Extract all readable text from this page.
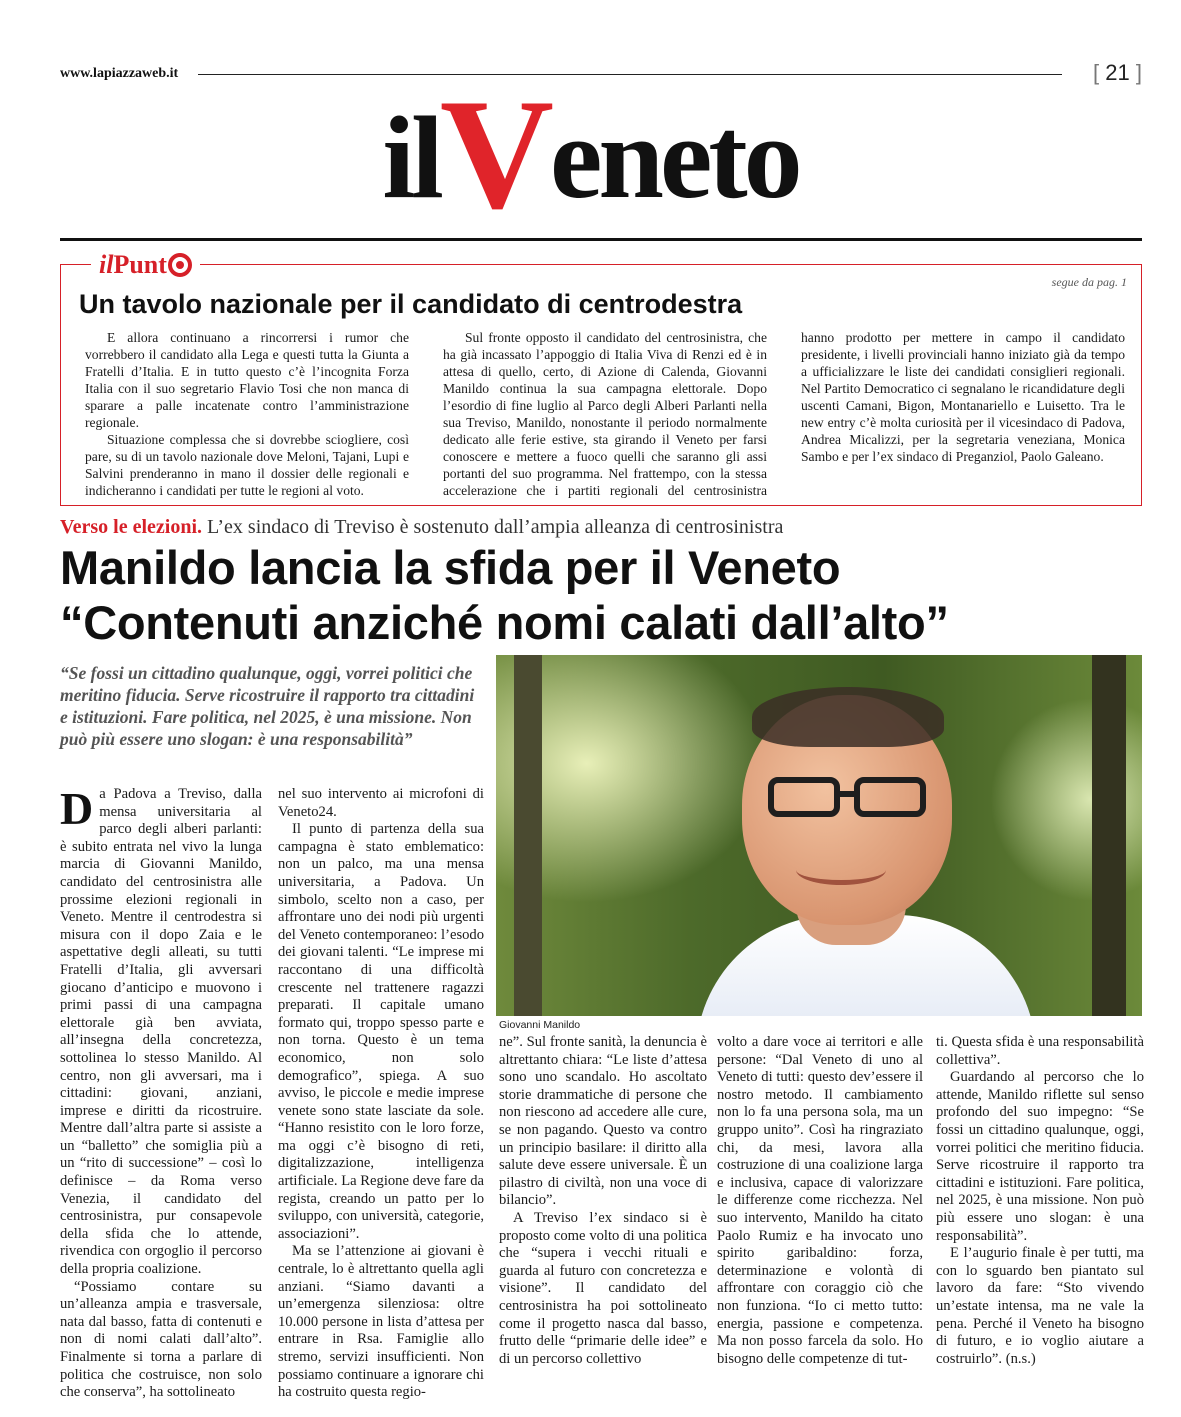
www.lapiazzaweb.it	[ 21 ]
ilVeneto
il Punt
segue da pag. 1
Un tavolo nazionale per il candidato di centrodestra

E allora continuano a rincorrersi i rumor che vorrebbero il candidato alla Lega e questi tutta la Giunta a Fratelli d’Italia. E in tutto questo c’è l’incognita Forza Italia con il suo segretario Flavio Tosi che non manca di sparare a palle incatenate contro l’amministrazione regionale.

Situazione complessa che si dovrebbe sciogliere, così pare, su di un tavolo nazionale dove Meloni, Tajani, Lupi e Salvini prenderanno in mano il dossier delle regionali e indicheranno i candidati per tutte le regioni al voto.

Sul fronte opposto il candidato del centrosinistra, che ha già incassato l’appoggio di Italia Viva di Renzi ed è in attesa di quello, certo, di Azione di Calenda, Giovanni Manildo continua la sua campagna elettorale. Dopo l’esordio di fine luglio al Parco degli Alberi Parlanti nella sua Treviso, Manildo, nonostante il periodo normalmente dedicato alle ferie estive, sta girando il Veneto per farsi conoscere e mettere a fuoco quelli che saranno gli assi portanti del suo programma. Nel frattempo, con la stessa accelerazione che i partiti regionali del centrosinistra hanno prodotto per mettere in campo il candidato presidente, i livelli provinciali hanno iniziato già da tempo a ufficializzare le liste dei candidati consiglieri regionali. Nel Partito Democratico ci segnalano le ricandidature degli uscenti Camani, Bigon, Montanariello e Luisetto. Tra le new entry c’è molta curiosità per il vicesindaco di Padova, Andrea Micalizzi, per la segretaria veneziana, Monica Sambo e per l’ex sindaco di Preganziol, Paolo Galeano.

Verso le elezioni. L’ex sindaco di Treviso è sostenuto dall’ampia alleanza di centrosinistra
Manildo lancia la sfida per il Veneto
“Contenuti anziché nomi calati dall’alto”
“Se fossi un cittadino qualunque, oggi, vorrei politici che meritino fiducia. Serve ricostruire il rapporto tra cittadini e istituzioni. Fare politica, nel 2025, è una missione. Non può più essere uno slogan: è una responsabilità”
Giovanni Manildo

Da Padova a Treviso, dalla mensa universitaria al parco degli alberi parlanti: è subito entrata nel vivo la lunga marcia di Giovanni Manildo, candidato del centrosinistra alle prossime elezioni regionali in Veneto. Mentre il centrodestra si misura con il dopo Zaia e le aspettative degli alleati, su tutti Fratelli d’Italia, gli avversari giocano d’anticipo e muovono i primi passi di una campagna elettorale già ben avviata, all’insegna della concretezza, sottolinea lo stesso Manildo. Al centro, non gli avversari, ma i cittadini: giovani, anziani, imprese e diritti da ricostruire. Mentre dall’altra parte si assiste a un “balletto” che somiglia più a un “rito di successione” – così lo definisce – da Roma verso Venezia, il candidato del centrosinistra, pur consapevole della sfida che lo attende, rivendica con orgoglio il percorso della propria coalizione.

“Possiamo contare su un’alleanza ampia e trasversale, nata dal basso, fatta di contenuti e non di nomi calati dall’alto”. Finalmente si torna a parlare di politica che costruisce, non solo che conserva”, ha sottolineato

nel suo intervento ai microfoni di Veneto24.

Il punto di partenza della sua campagna è stato emblematico: non un palco, ma una mensa universitaria, a Padova. Un simbolo, scelto non a caso, per affrontare uno dei nodi più urgenti del Veneto contemporaneo: l’esodo dei giovani talenti. “Le imprese mi raccontano di una difficoltà crescente nel trattenere ragazzi preparati. Il capitale umano formato qui, troppo spesso parte e non torna. Questo è un tema economico, non solo demografico”, spiega. A suo avviso, le piccole e medie imprese venete sono state lasciate da sole. “Hanno resistito con le loro forze, ma oggi c’è bisogno di reti, digitalizzazione, intelligenza artificiale. La Regione deve fare da regista, creando un patto per lo sviluppo, con università, categorie, associazioni”.

Ma se l’attenzione ai giovani è centrale, lo è altrettanto quella agli anziani. “Siamo davanti a un’emergenza silenziosa: oltre 10.000 persone in lista d’attesa per entrare in Rsa. Famiglie allo stremo, servizi insufficienti. Non possiamo continuare a ignorare chi ha costruito questa regio-

ne”. Sul fronte sanità, la denuncia è altrettanto chiara: “Le liste d’attesa sono uno scandalo. Ho ascoltato storie drammatiche di persone che non riescono ad accedere alle cure, se non pagando. Questo va contro un principio basilare: il diritto alla salute deve essere universale. È un pilastro di civiltà, non una voce di bilancio”.

A Treviso l’ex sindaco si è proposto come volto di una politica che “supera i vecchi rituali e guarda al futuro con concretezza e visione”. Il candidato del centrosinistra ha poi sottolineato come il progetto nasca dal basso, frutto delle “primarie delle idee” e di un percorso collettivo

volto a dare voce ai territori e alle persone: “Dal Veneto di uno al Veneto di tutti: questo dev’essere il nostro metodo. Il cambiamento non lo fa una persona sola, ma un gruppo unito”. Così ha ringraziato chi, da mesi, lavora alla costruzione di una coalizione larga e inclusiva, capace di valorizzare le differenze come ricchezza. Nel suo intervento, Manildo ha citato Paolo Rumiz e ha invocato uno spirito garibaldino: forza, determinazione e volontà di affrontare con coraggio ciò che non funziona. “Io ci metto tutto: energia, passione e competenza. Ma non posso farcela da solo. Ho bisogno delle competenze di tut-

ti. Questa sfida è una responsabilità collettiva”.

Guardando al percorso che lo attende, Manildo riflette sul senso profondo del suo impegno: “Se fossi un cittadino qualunque, oggi, vorrei politici che meritino fiducia. Serve ricostruire il rapporto tra cittadini e istituzioni. Fare politica, nel 2025, è una missione. Non può più essere uno slogan: è una responsabilità”.

E l’augurio finale è per tutti, ma con lo sguardo ben piantato sul lavoro da fare: “Sto vivendo un’estate intensa, ma ne vale la pena. Perché il Veneto ha bisogno di futuro, e io voglio aiutare a costruirlo”. (n.s.)
